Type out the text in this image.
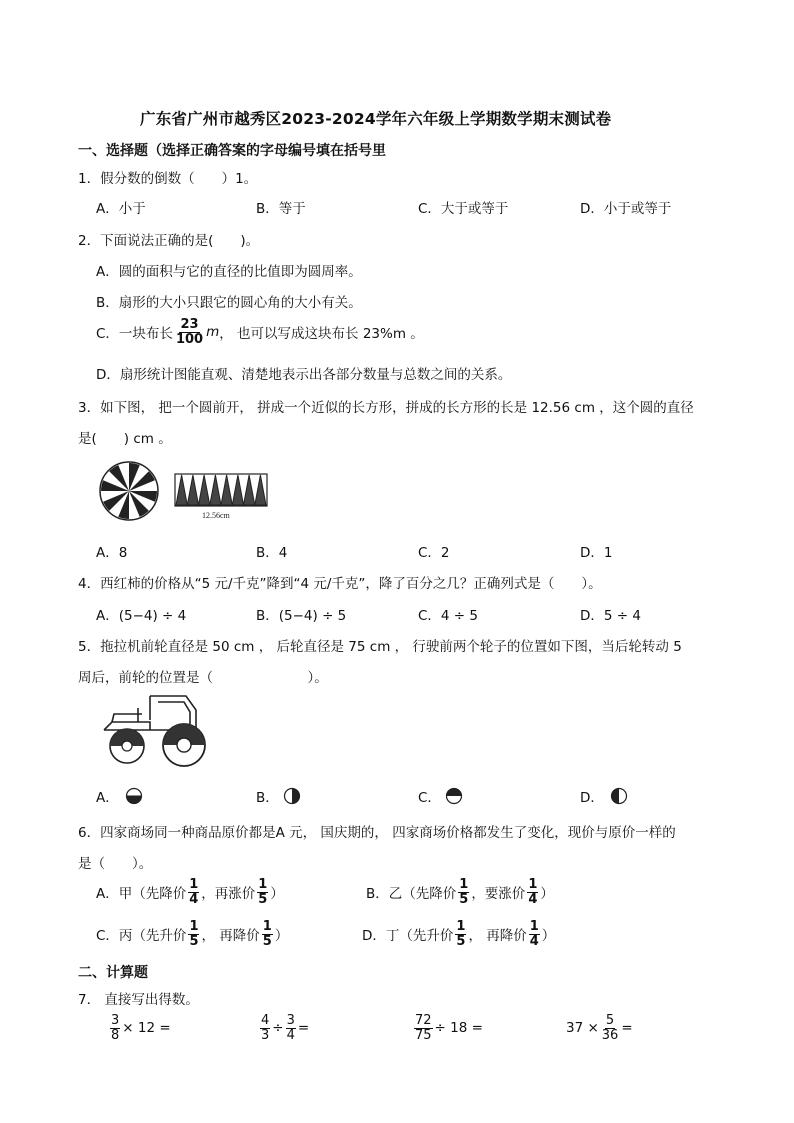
广东省广州市越秀区2023-2024学年六年级上学期数学期末测试卷
一、选择题（选择正确答案的字母编号填在括号里
1．假分数的倒数（　　）1。
A．小于	B．等于	C．大于或等于	D．小于或等于
2．下面说法正确的是(　　)。
A．圆的面积与它的直径的比值即为圆周率。
B．扇形的大小只跟它的圆心角的大小有关。
C．一块布长 $\frac{23}{100}$ m ， 也可以写成这块布长 23%m 。
D．扇形统计图能直观、清楚地表示出各部分数量与总数之间的关系。
3．如下图， 把一个圆前开， 拼成一个近似的长方形，拼成的长方形的长是 12.56 cm ，这个圆的直径
是(　　) cm 。
12.56cm
A．8	B．4	C．2	D．1
4．西红柿的价格从“5 元/千克”降到“4 元/千克”，降了百分之几？正确列式是（　　）。
A．(5−4) ÷ 4	B．(5−4) ÷ 5	C．4 ÷ 5	D．5 ÷ 4
5．拖拉机前轮直径是 50 cm ， 后轮直径是 75 cm ， 行驶前两个轮子的位置如下图，当后轮转动 5
周后，前轮的位置是（　　　　　　　）。
A．	B．	C．	D．
6．四家商场同一种商品原价都是A 元， 国庆期的， 四家商场价格都发生了变化，现价与原价一样的
是（　　）。
A．甲（先降价 $\frac{1}{4}$ ，再涨价 $\frac{1}{5}$ ）	B．乙（先降价 $\frac{1}{5}$ ，要涨价 $\frac{1}{4}$ ）
C．丙（先升价 $\frac{1}{5}$ ， 再降价 $\frac{1}{5}$ ）	D．丁（先升价 $\frac{1}{5}$ ， 再降价 $\frac{1}{4}$ ）
二、计算题
7． 直接写出得数。
$\frac{3}{8} \times 12$ =	$\frac{4}{3} \div \frac{3}{4}$ =	$\frac{72}{75} \div 18$ =	$37 \times \frac{5}{36}$ =
